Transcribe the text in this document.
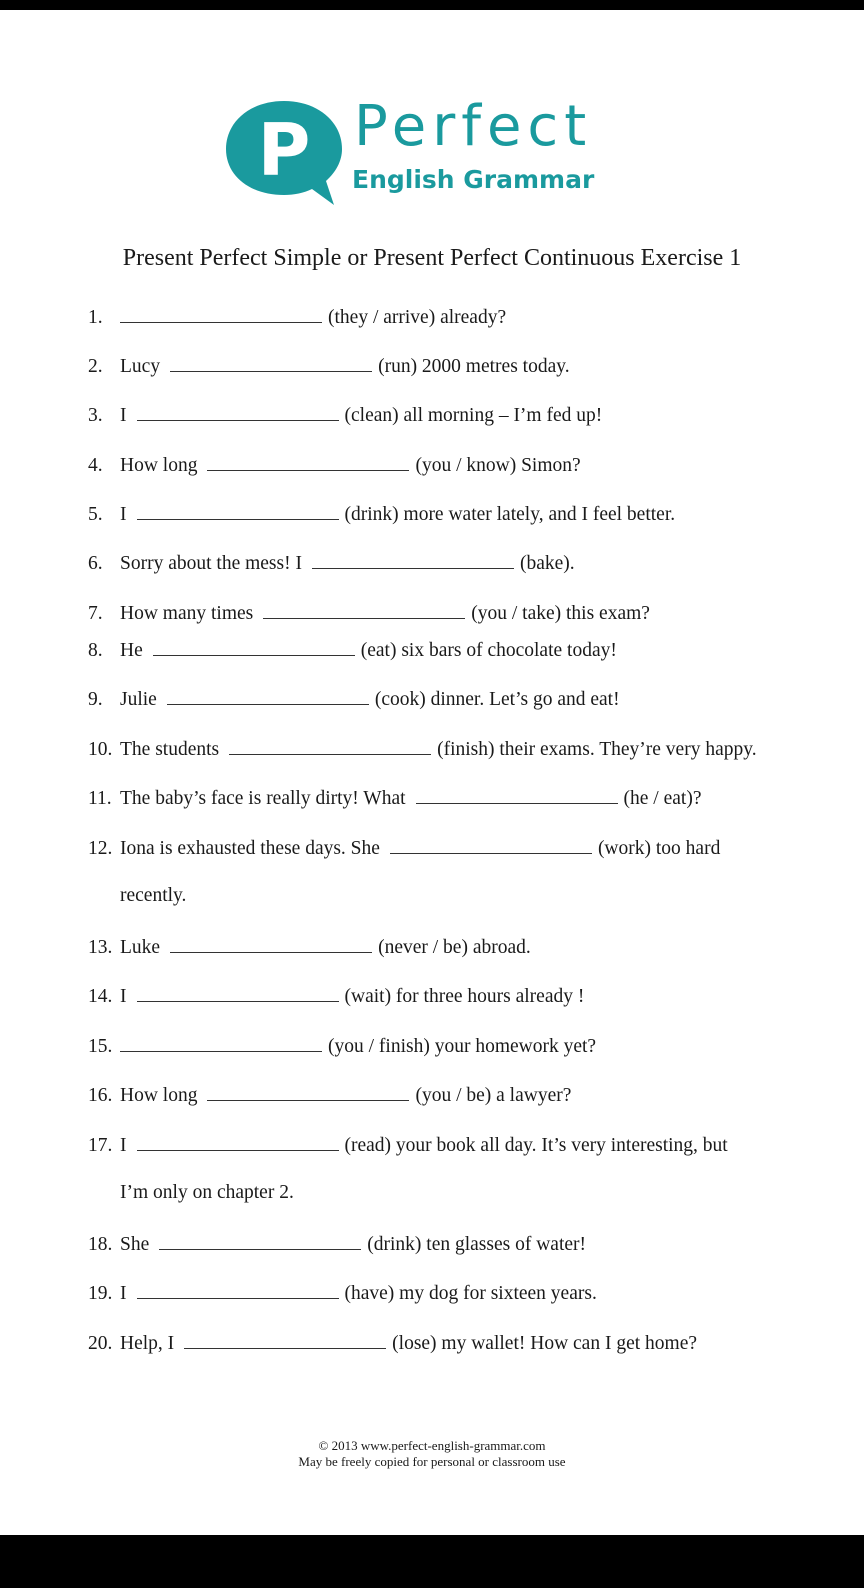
P Perfect
English Grammar
Present Perfect Simple or Present Perfect Continuous Exercise 1
1.	(they / arrive) already?
2. Lucy	(run) 2000 metres today.
3. I	(clean) all morning – I’m fed up!
4. How long	(you / know) Simon?
5. I	(drink) more water lately, and I feel better.
6. Sorry about the mess! I	(bake).
7. How many times	(you / take) this exam?
8. He	(eat) six bars of chocolate today!
9. Julie	(cook) dinner. Let’s go and eat!
10. The students	(finish) their exams. They’re very happy.
11. The baby’s face is really dirty! What	(he / eat)?
12. Iona is exhausted these days. She	(work) too hard
recently.
13. Luke	(never / be) abroad.
14. I	(wait) for three hours already !
15.	(you / finish) your homework yet?
16. How long	(you / be) a lawyer?
17. I	(read) your book all day. It’s very interesting, but
I’m only on chapter 2.
18. She	(drink) ten glasses of water!
19. I	(have) my dog for sixteen years.
20. Help, I	(lose) my wallet! How can I get home?
© 2013 www.perfect-english-grammar.com
May be freely copied for personal or classroom use
